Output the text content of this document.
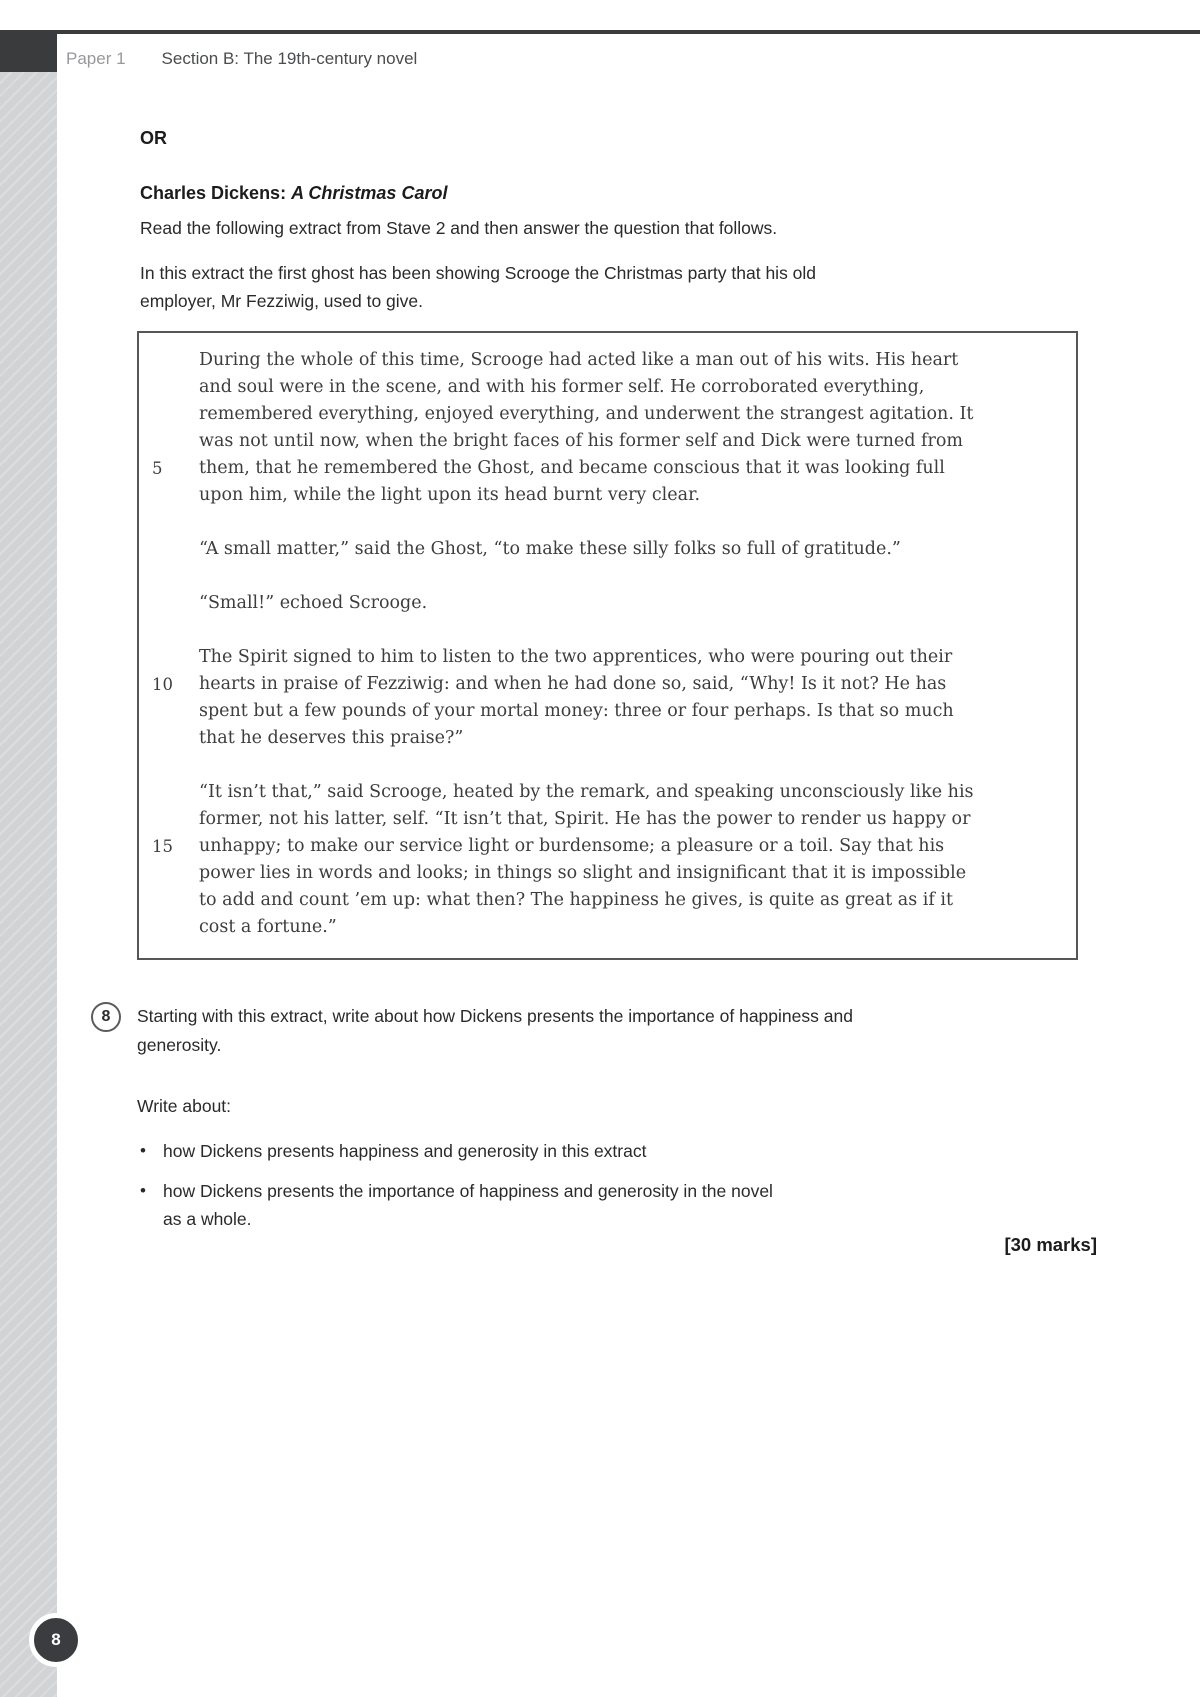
Paper 1 Section B: The 19th-century novel
OR
Charles Dickens: A Christmas Carol
Read the following extract from Stave 2 and then answer the question that follows.
In this extract the first ghost has been showing Scrooge the Christmas party that his old
employer, Mr Fezziwig, used to give.
During the whole of this time, Scrooge had acted like a man out of his wits. His heart
and soul were in the scene, and with his former self. He corroborated everything,
remembered everything, enjoyed everything, and underwent the strangest agitation. It
was not until now, when the bright faces of his former self and Dick were turned from
5	them, that he remembered the Ghost, and became conscious that it was looking full
upon him, while the light upon its head burnt very clear.
“A small matter,” said the Ghost, “to make these silly folks so full of gratitude.”
“Small!” echoed Scrooge.
The Spirit signed to him to listen to the two apprentices, who were pouring out their
10	hearts in praise of Fezziwig: and when he had done so, said, “Why! Is it not? He has
spent but a few pounds of your mortal money: three or four perhaps. Is that so much
that he deserves this praise?”
“It isn’t that,” said Scrooge, heated by the remark, and speaking unconsciously like his
former, not his latter, self. “It isn’t that, Spirit. He has the power to render us happy or
15	unhappy; to make our service light or burdensome; a pleasure or a toil. Say that his
power lies in words and looks; in things so slight and insignificant that it is impossible
to add and count ’em up: what then? The happiness he gives, is quite as great as if it
cost a fortune.”
8 Starting with this extract, write about how Dickens presents the importance of happiness and
generosity.
Write about:
• how Dickens presents happiness and generosity in this extract
• how Dickens presents the importance of happiness and generosity in the novel
as a whole.
[30 marks]
8
